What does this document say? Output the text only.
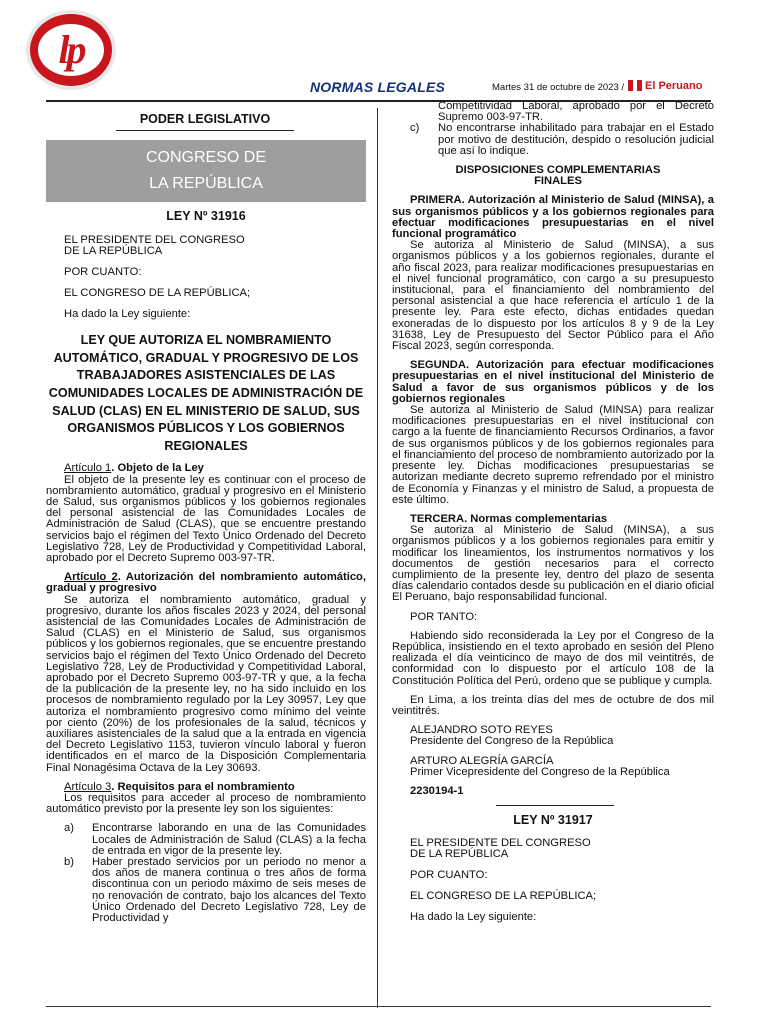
lp
NORMAS LEGALES	Martes 31 de octubre de 2023 / El Peruano
PODER LEGISLATIVO
CONGRESO DE
LA REPÚBLICA
LEY Nº 31916
EL PRESIDENTE DEL CONGRESO
DE LA REPÚBLICA
POR CUANTO:
EL CONGRESO DE LA REPÚBLICA;
Ha dado la Ley siguiente:
LEY QUE AUTORIZA EL NOMBRAMIENTO AUTOMÁTICO, GRADUAL Y PROGRESIVO DE LOS TRABAJADORES ASISTENCIALES DE LAS COMUNIDADES LOCALES DE ADMINISTRACIÓN DE SALUD (CLAS) EN EL MINISTERIO DE SALUD, SUS ORGANISMOS PÚBLICOS Y LOS GOBIERNOS REGIONALES

Artículo 1. Objeto de la Ley

El objeto de la presente ley es continuar con el proceso de nombramiento automático, gradual y progresivo en el Ministerio de Salud, sus organismos públicos y los gobiernos regionales del personal asistencial de las Comunidades Locales de Administración de Salud (CLAS), que se encuentre prestando servicios bajo el régimen del Texto Único Ordenado del Decreto Legislativo 728, Ley de Productividad y Competitividad Laboral, aprobado por el Decreto Supremo 003-97-TR.

Artículo 2. Autorización del nombramiento automático, gradual y progresivo

Se autoriza el nombramiento automático, gradual y progresivo, durante los años fiscales 2023 y 2024, del personal asistencial de las Comunidades Locales de Administración de Salud (CLAS) en el Ministerio de Salud, sus organismos públicos y los gobiernos regionales, que se encuentre prestando servicios bajo el régimen del Texto Único Ordenado del Decreto Legislativo 728, Ley de Productividad y Competitividad Laboral, aprobado por el Decreto Supremo 003-97-TR y que, a la fecha de la publicación de la presente ley, no ha sido incluido en los procesos de nombramiento regulado por la Ley 30957, Ley que autoriza el nombramiento progresivo como mínimo del veinte por ciento (20%) de los profesionales de la salud, técnicos y auxiliares asistenciales de la salud que a la entrada en vigencia del Decreto Legislativo 1153, tuvieron vínculo laboral y fueron identificados en el marco de la Disposición Complementaria Final Nonagésima Octava de la Ley 30693.

Artículo 3. Requisitos para el nombramiento

Los requisitos para acceder al proceso de nombramiento automático previsto por la presente ley son los siguientes:

a)	Encontrarse laborando en una de las Comunidades Locales de Administración de Salud (CLAS) a la fecha de entrada en vigor de la presente ley.
b)	Haber prestado servicios por un periodo no menor a dos años de manera continua o tres años de forma discontinua con un periodo máximo de seis meses de no renovación de contrato, bajo los alcances del Texto Único Ordenado del Decreto Legislativo 728, Ley de Productividad y
Competitividad Laboral, aprobado por el Decreto Supremo 003-97-TR.
c)	No encontrarse inhabilitado para trabajar en el Estado por motivo de destitución, despido o resolución judicial que así lo indique.
DISPOSICIONES COMPLEMENTARIAS
FINALES

PRIMERA. Autorización al Ministerio de Salud (MINSA), a sus organismos públicos y a los gobiernos regionales para efectuar modificaciones presupuestarias en el nivel funcional programático

Se autoriza al Ministerio de Salud (MINSA), a sus organismos públicos y a los gobiernos regionales, durante el año fiscal 2023, para realizar modificaciones presupuestarias en el nivel funcional programático, con cargo a su presupuesto institucional, para el financiamiento del nombramiento del personal asistencial a que hace referencia el artículo 1 de la presente ley. Para este efecto, dichas entidades quedan exoneradas de lo dispuesto por los artículos 8 y 9 de la Ley 31638, Ley de Presupuesto del Sector Público para el Año Fiscal 2023, según corresponda.

SEGUNDA. Autorización para efectuar modificaciones presupuestarias en el nivel institucional del Ministerio de Salud a favor de sus organismos públicos y de los gobiernos regionales

Se autoriza al Ministerio de Salud (MINSA) para realizar modificaciones presupuestarias en el nivel institucional con cargo a la fuente de financiamiento Recursos Ordinarios, a favor de sus organismos públicos y de los gobiernos regionales para el financiamiento del proceso de nombramiento autorizado por la presente ley. Dichas modificaciones presupuestarias se autorizan mediante decreto supremo refrendado por el ministro de Economía y Finanzas y el ministro de Salud, a propuesta de este último.

TERCERA. Normas complementarias

Se autoriza al Ministerio de Salud (MINSA), a sus organismos públicos y a los gobiernos regionales para emitir y modificar los lineamientos, los instrumentos normativos y los documentos de gestión necesarios para el correcto cumplimiento de la presente ley, dentro del plazo de sesenta días calendario contados desde su publicación en el diario oficial El Peruano, bajo responsabilidad funcional.

POR TANTO:

Habiendo sido reconsiderada la Ley por el Congreso de la República, insistiendo en el texto aprobado en sesión del Pleno realizada el día veinticinco de mayo de dos mil veintitrés, de conformidad con lo dispuesto por el artículo 108 de la Constitución Política del Perú, ordeno que se publique y cumpla.

En Lima, a los treinta días del mes de octubre de dos mil veintitrés.

ALEJANDRO SOTO REYES

Presidente del Congreso de la República

ARTURO ALEGRÍA GARCÍA

Primer Vicepresidente del Congreso de la República

2230194-1

LEY Nº 31917
EL PRESIDENTE DEL CONGRESO
DE LA REPÚBLICA
POR CUANTO:
EL CONGRESO DE LA REPÚBLICA;
Ha dado la Ley siguiente:
